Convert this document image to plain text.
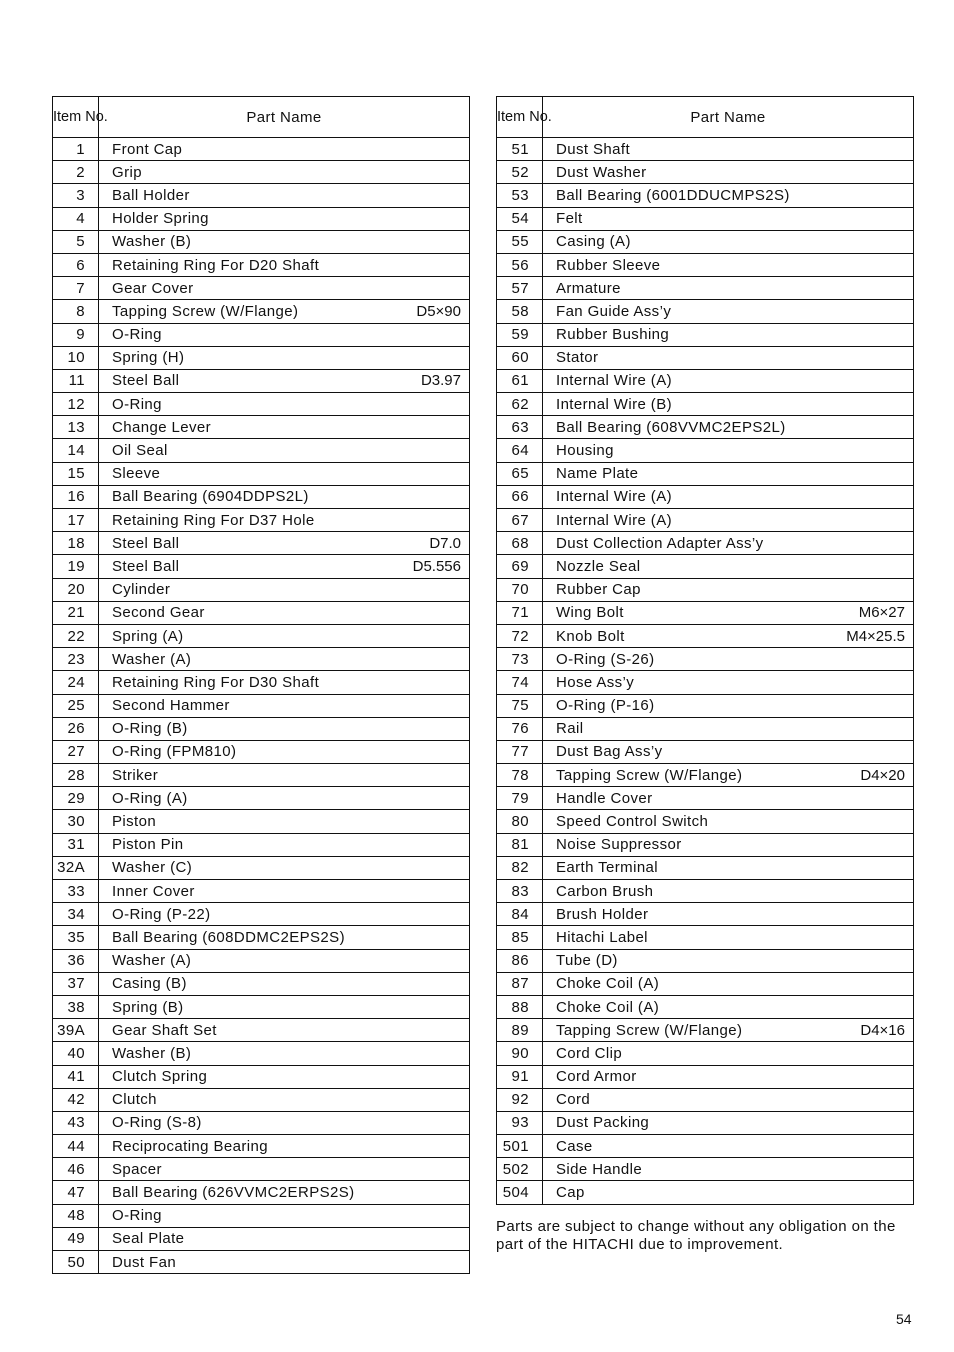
Item No.	Part Name
1	Front Cap

2	Grip

3	Ball Holder

4	Holder Spring

5	Washer (B)

6	Retaining Ring For D20 Shaft

7	Gear Cover

8	Tapping Screw (W/Flange) D5×90

9	O-Ring

10	Spring (H)

11	Steel Ball D3.97

12	O-Ring

13	Change Lever

14	Oil Seal

15	Sleeve

16	Ball Bearing (6904DDPS2L)

17	Retaining Ring For D37 Hole

18	Steel Ball D7.0

19	Steel Ball D5.556

20	Cylinder

21	Second Gear

22	Spring (A)

23	Washer (A)

24	Retaining Ring For D30 Shaft

25	Second Hammer

26	O-Ring (B)

27	O-Ring (FPM810)

28	Striker

29	O-Ring (A)

30	Piston

31	Piston Pin

32A	Washer (C)

33	Inner Cover

34	O-Ring (P-22)

35	Ball Bearing (608DDMC2EPS2S)

36	Washer (A)

37	Casing (B)

38	Spring (B)

39A	Gear Shaft Set

40	Washer (B)

41	Clutch Spring

42	Clutch

43	O-Ring (S-8)

44	Reciprocating Bearing

46	Spacer

47	Ball Bearing (626VVMC2ERPS2S)

48	O-Ring

49	Seal Plate

50	Dust Fan
Item No.	Part Name
51	Dust Shaft

52	Dust Washer

53	Ball Bearing (6001DDUCMPS2S)

54	Felt

55	Casing (A)

56	Rubber Sleeve

57	Armature

58	Fan Guide Ass’y

59	Rubber Bushing

60	Stator

61	Internal Wire (A)

62	Internal Wire (B)

63	Ball Bearing (608VVMC2EPS2L)

64	Housing

65	Name Plate

66	Internal Wire (A)

67	Internal Wire (A)

68	Dust Collection Adapter Ass’y

69	Nozzle Seal

70	Rubber Cap

71	Wing Bolt M6×27

72	Knob Bolt M4×25.5

73	O-Ring (S-26)

74	Hose Ass’y

75	O-Ring (P-16)

76	Rail

77	Dust Bag Ass’y

78	Tapping Screw (W/Flange) D4×20

79	Handle Cover

80	Speed Control Switch

81	Noise Suppressor

82	Earth Terminal

83	Carbon Brush

84	Brush Holder

85	Hitachi Label

86	Tube (D)

87	Choke Coil (A)

88	Choke Coil (A)

89	Tapping Screw (W/Flange) D4×16

90	Cord Clip

91	Cord Armor

92	Cord

93	Dust Packing

501	Case

502	Side Handle

504	Cap
Parts are subject to change without any obligation on the part of the HITACHI due to improvement.
54
